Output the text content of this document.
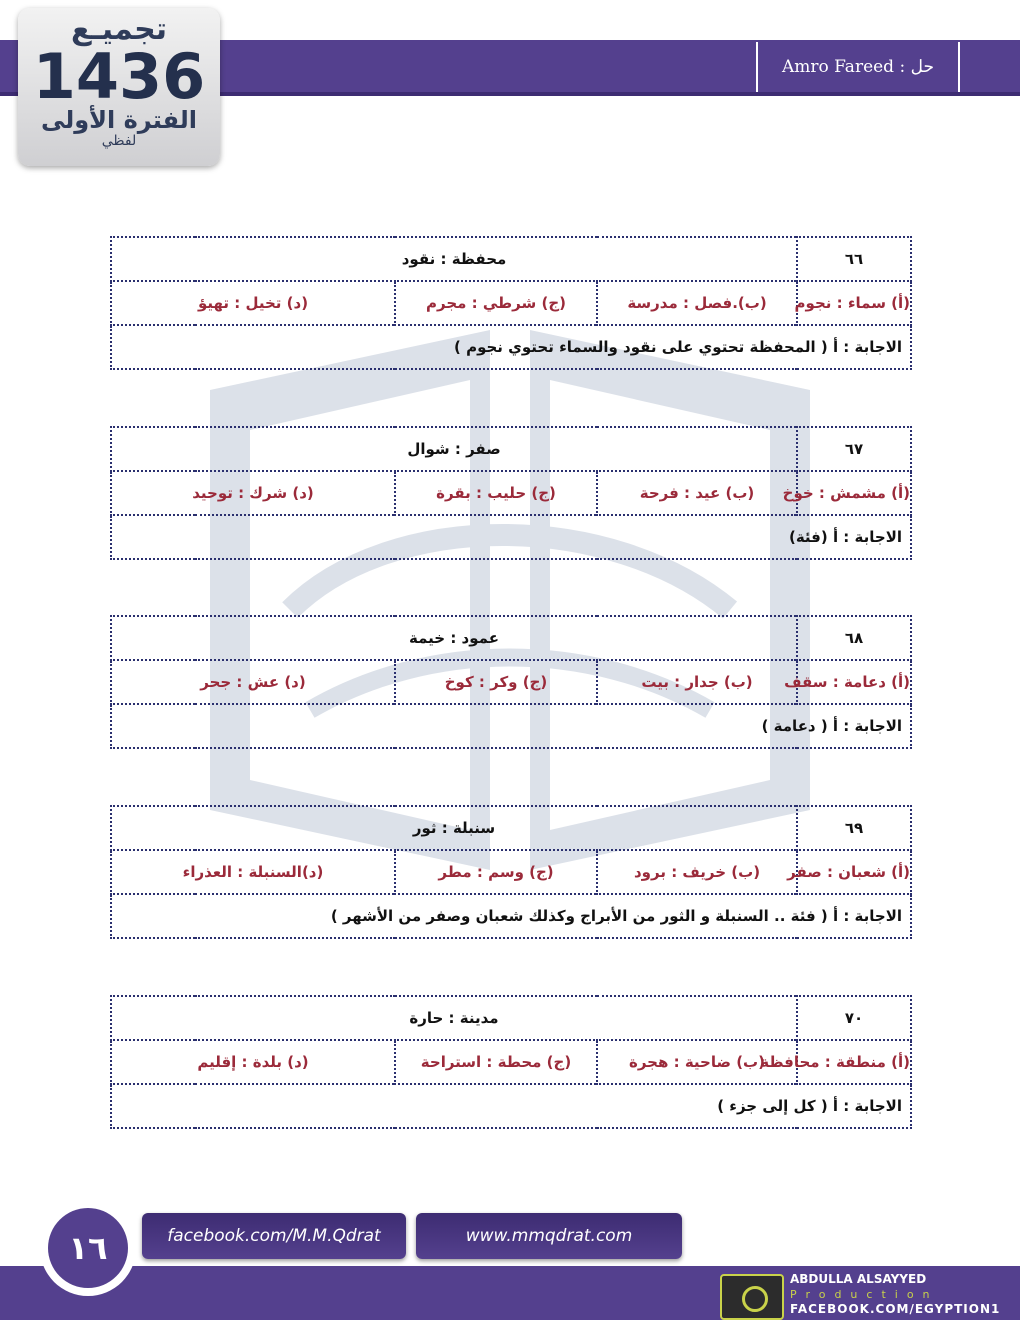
حل : Amro Fareed
تجميـع
1436
الفترة الأولى
لفظي
٦٦	محفظة : نقود		
(أ) سماء : نجوم	(ب).فصل : مدرسة	(ج) شرطي : مجرم	(د) تخيل : تهيؤ
الاجابة : أ ( المحفظة تحتوي على نقود والسماء تحتوي نجوم )			
٦٧	صفر : شوال		
(أ) مشمش : خوخ	(ب) عيد : فرحة	(ج) حليب : بقرة	(د) شرك : توحيد
الاجابة : أ (فئة)			
٦٨	عمود : خيمة		
(أ) دعامة : سقف	(ب) جدار : بيت	(ج) وكر : كوخ	(د) عش : جحر
الاجابة : أ ( دعامة )			
٦٩	سنبلة : ثور		
(أ) شعبان : صفر	(ب) خريف : برود	(ج) وسم : مطر	(د)السنبلة : العذراء
الاجابة : أ ( فئة .. السنبلة و الثور من الأبراج وكذلك شعبان وصفر من الأشهر )			
٧٠	مدينة : حارة		
(أ) منطقة : محافظة	(ب) ضاحية : هجرة	(ج) محطة : استراحة	(د) بلدة : إقليم
الاجابة : أ ( كل إلى جزء )			
١٦	facebook.com/M.M.Qdrat	www.mmqdrat.com
ABDULLA ALSAYYED
Production
FACEBOOK.COM/EGYPTION1
